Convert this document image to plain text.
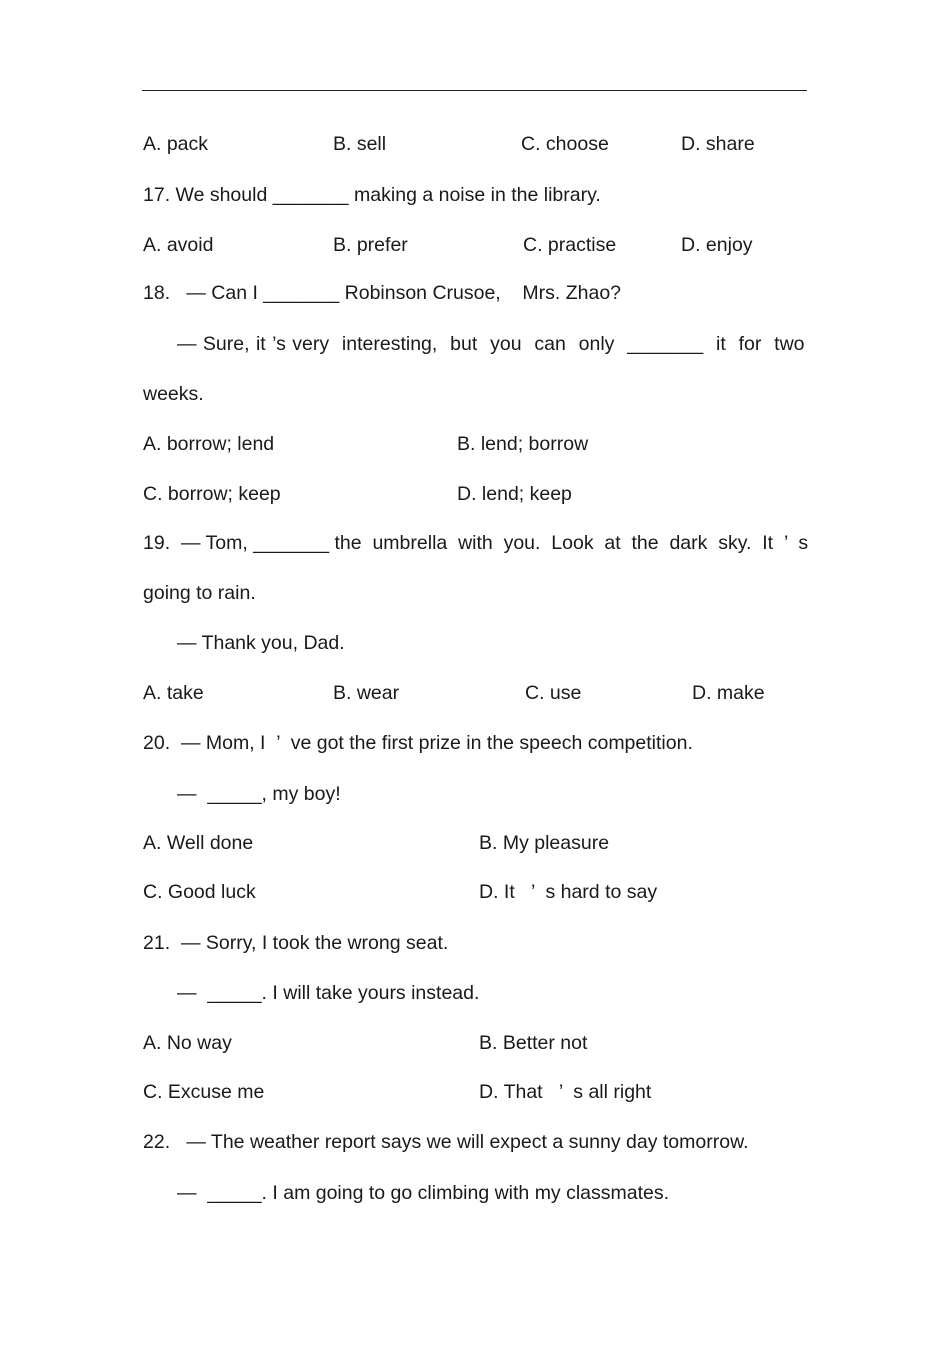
A. pack	B. sell	C. choose	D. share
17. We should _______ making a noise in the library.
A. avoid	B. prefer	C. practise	D. enjoy
18.   — Can I _______ Robinson Crusoe,    Mrs. Zhao?
— Sure, it ’s very  interesting,  but  you  can  only  _______  it  for  two
weeks.
A. borrow; lend	B. lend; borrow
C. borrow; keep	D. lend; keep
19.  — Tom, _______ the  umbrella  with  you.  Look  at  the  dark  sky.  It  ’  s
going to rain.
— Thank you, Dad.
A. take	B. wear	C. use	D. make
20.  — Mom, I  ’  ve got the first prize in the speech competition.
—  _____, my boy!
A. Well done	B. My pleasure
C. Good luck	D. It   ’  s hard to say
21.  — Sorry, I took the wrong seat.
—  _____. I will take yours instead.
A. No way	B. Better not
C. Excuse me	D. That   ’  s all right
22.   — The weather report says we will expect a sunny day tomorrow.
—  _____. I am going to go climbing with my classmates.
